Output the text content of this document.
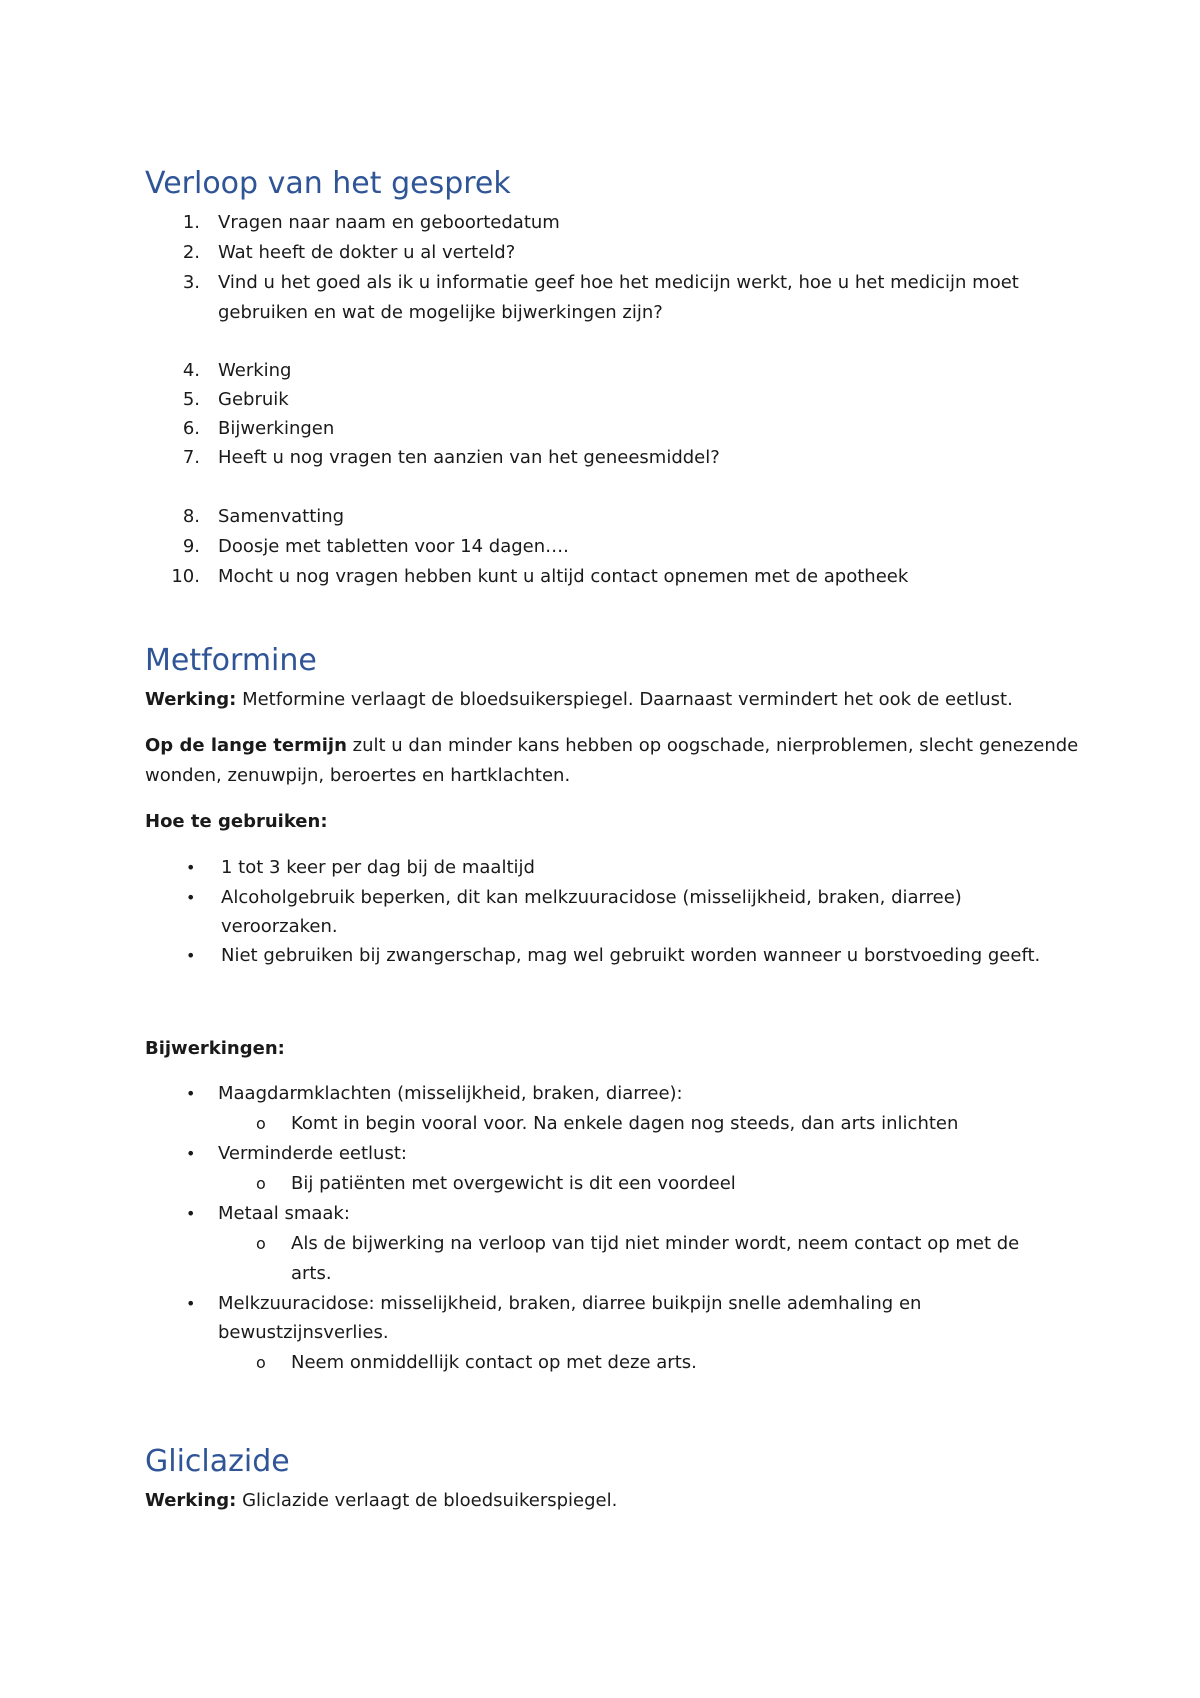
Verloop van het gesprek
1. Vragen naar naam en geboortedatum
2. Wat heeft de dokter u al verteld?
3. Vind u het goed als ik u informatie geef hoe het medicijn werkt, hoe u het medicijn moet
gebruiken en wat de mogelijke bijwerkingen zijn?
4. Werking
5. Gebruik
6. Bijwerkingen
7. Heeft u nog vragen ten aanzien van het geneesmiddel?
8. Samenvatting
9. Doosje met tabletten voor 14 dagen….
10. Mocht u nog vragen hebben kunt u altijd contact opnemen met de apotheek
Metformine
Werking: Metformine verlaagt de bloedsuikerspiegel. Daarnaast vermindert het ook de eetlust.
Op de lange termijn zult u dan minder kans hebben op oogschade, nierproblemen, slecht genezende
wonden, zenuwpijn, beroertes en hartklachten.
Hoe te gebruiken:
• 1 tot 3 keer per dag bij de maaltijd
• Alcoholgebruik beperken, dit kan melkzuuracidose (misselijkheid, braken, diarree)
veroorzaken.
• Niet gebruiken bij zwangerschap, mag wel gebruikt worden wanneer u borstvoeding geeft.
Bijwerkingen:
• Maagdarmklachten (misselijkheid, braken, diarree):
o Komt in begin vooral voor. Na enkele dagen nog steeds, dan arts inlichten
• Verminderde eetlust:
o Bij patiënten met overgewicht is dit een voordeel
• Metaal smaak:
o Als de bijwerking na verloop van tijd niet minder wordt, neem contact op met de
arts.
• Melkzuuracidose: misselijkheid, braken, diarree buikpijn snelle ademhaling en
bewustzijnsverlies.
o Neem onmiddellijk contact op met deze arts.
Gliclazide
Werking: Gliclazide verlaagt de bloedsuikerspiegel.
